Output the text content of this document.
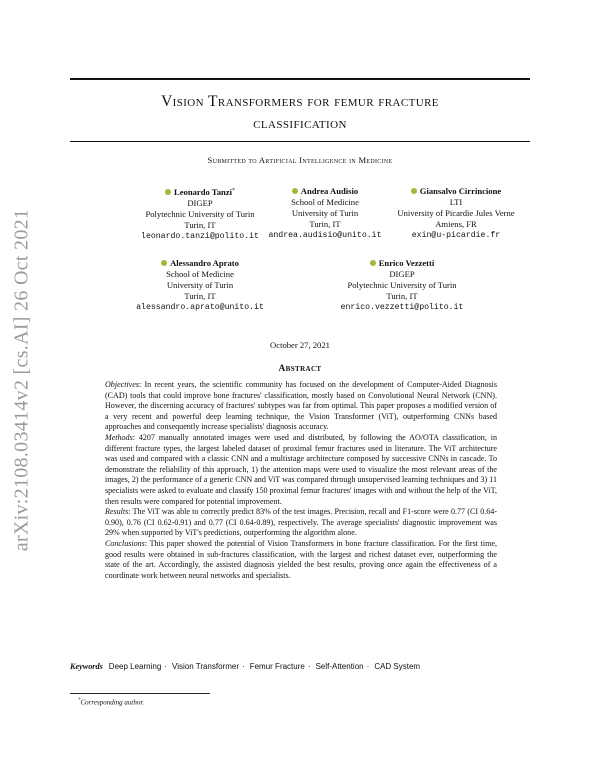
arXiv:2108.03414v2 [cs.AI] 26 Oct 2021
Vision Transformers for femur fracture
classification
Submitted to Artificial Intelligence in Medicine
Leonardo Tanzi*
DIGEP
Polytechnic University of Turin
Turin, IT
leonardo.tanzi@polito.it
Andrea Audisio
School of Medicine
University of Turin
Turin, IT
andrea.audisio@unito.it
Giansalvo Cirrincione
LTI
University of Picardie Jules Verne
Amiens, FR
exin@u-picardie.fr
Alessandro Aprato
School of Medicine
University of Turin
Turin, IT
alessandro.aprato@unito.it
Enrico Vezzetti
DIGEP
Polytechnic University of Turin
Turin, IT
enrico.vezzetti@polito.it
October 27, 2021
Abstract

Objectives: In recent years, the scientific community has focused on the development of Computer-Aided Diagnosis (CAD) tools that could improve bone fractures' classification, mostly based on Convolutional Neural Network (CNN). However, the discerning accuracy of fractures' subtypes was far from optimal. This paper proposes a modified version of a very recent and powerful deep learning technique, the Vision Transformer (ViT), outperforming CNNs based approaches and consequently increase specialists' diagnosis accuracy.

Methods: 4207 manually annotated images were used and distributed, by following the AO/OTA classification, in different fracture types, the largest labeled dataset of proximal femur fractures used in literature. The ViT architecture was used and compared with a classic CNN and a multistage architecture composed by successive CNNs in cascade. To demonstrate the reliability of this approach, 1) the attention maps were used to visualize the most relevant areas of the images, 2) the performance of a generic CNN and ViT was compared through unsupervised learning techniques and 3) 11 specialists were asked to evaluate and classify 150 proximal femur fractures' images with and without the help of the ViT, then results were compared for potential improvement.

Results: The ViT was able to correctly predict 83% of the test images. Precision, recall and F1-score were 0.77 (CI 0.64-0.90), 0.76 (CI 0.62-0.91) and 0.77 (CI 0.64-0.89), respectively. The average specialists' diagnostic improvement was 29% when supported by ViT's predictions, outperforming the algorithm alone.

Conclusions: This paper showed the potential of Vision Transformers in bone fracture classification. For the first time, good results were obtained in sub-fractures classification, with the largest and richest dataset ever, outperforming the state of the art. Accordingly, the assisted diagnosis yielded the best results, proving once again the effectiveness of a coordinate work between neural networks and specialists.

Keywords Deep Learning · Vision Transformer · Femur Fracture · Self-Attention · CAD System
*Corresponding author.
